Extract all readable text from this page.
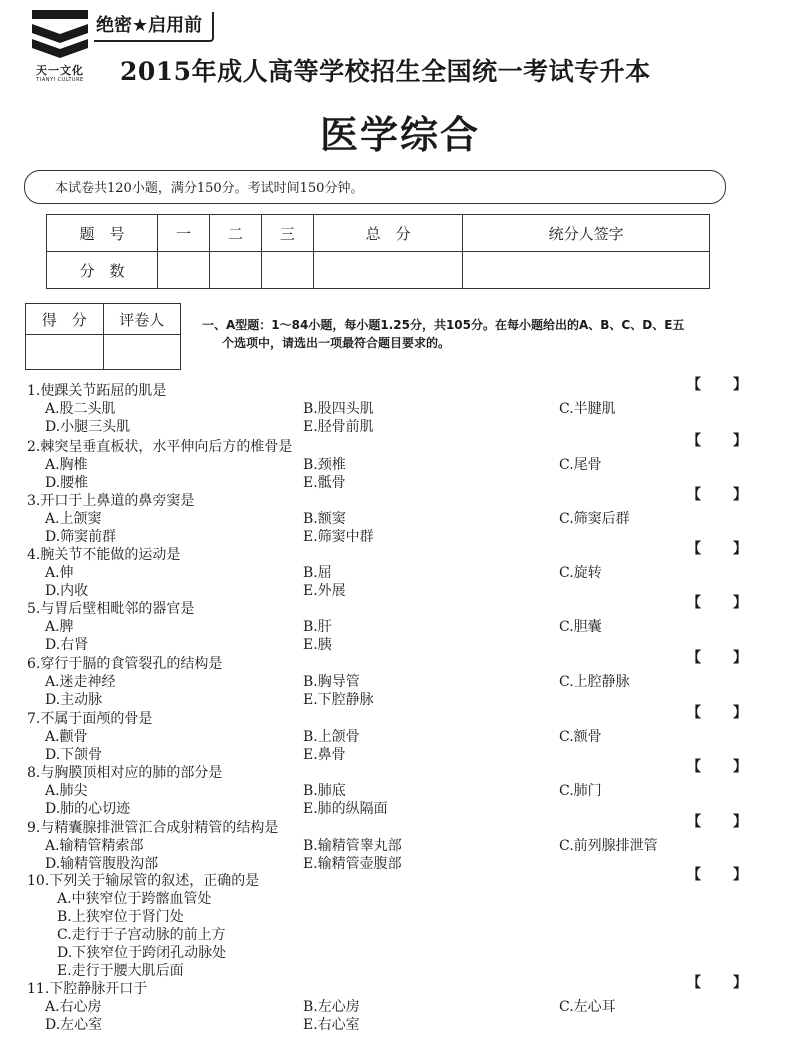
天一文化
TIANYI CULTURE
绝密★启用前
2015年成人高等学校招生全国统一考试专升本
医学综合
本试卷共120小题，满分150分。考试时间150分钟。
题　号	一	二	三	总　分	统分人签字
分　数					
得　分	评卷人
		一、A型题：1～84小题，每小题1.25分，共105分。在每小题给出的A、B、C、D、E五
个选项中，请选出一项最符合题目要求的。
1.使踝关节跖屈的肌是	【 】
A.股二头肌	B.股四头肌	C.半腱肌
D.小腿三头肌	E.胫骨前肌
2.棘突呈垂直板状，水平伸向后方的椎骨是	【 】
A.胸椎	B.颈椎	C.尾骨
D.腰椎	E.骶骨
3.开口于上鼻道的鼻旁窦是	【 】
A.上颌窦	B.额窦	C.筛窦后群
D.筛窦前群	E.筛窦中群
4.腕关节不能做的运动是	【 】
A.伸	B.屈	C.旋转
D.内收	E.外展
5.与胃后壁相毗邻的器官是	【 】
A.脾	B.肝	C.胆囊
D.右肾	E.胰
6.穿行于膈的食管裂孔的结构是	【 】
A.迷走神经	B.胸导管	C.上腔静脉
D.主动脉	E.下腔静脉
7.不属于面颅的骨是	【 】
A.颧骨	B.上颌骨	C.额骨
D.下颌骨	E.鼻骨
8.与胸膜顶相对应的肺的部分是	【 】
A.肺尖	B.肺底	C.肺门
D.肺的心切迹	E.肺的纵隔面
9.与精囊腺排泄管汇合成射精管的结构是	【 】
A.输精管精索部	B.输精管睾丸部	C.前列腺排泄管
D.输精管腹股沟部	E.输精管壶腹部
10.下列关于输尿管的叙述，正确的是	【 】
A.中狭窄位于跨髂血管处
B.上狭窄位于肾门处
C.走行于子宫动脉的前上方
D.下狭窄位于跨闭孔动脉处
E.走行于腰大肌后面
11.下腔静脉开口于	【 】
A.右心房	B.左心房	C.左心耳
D.左心室	E.右心室
